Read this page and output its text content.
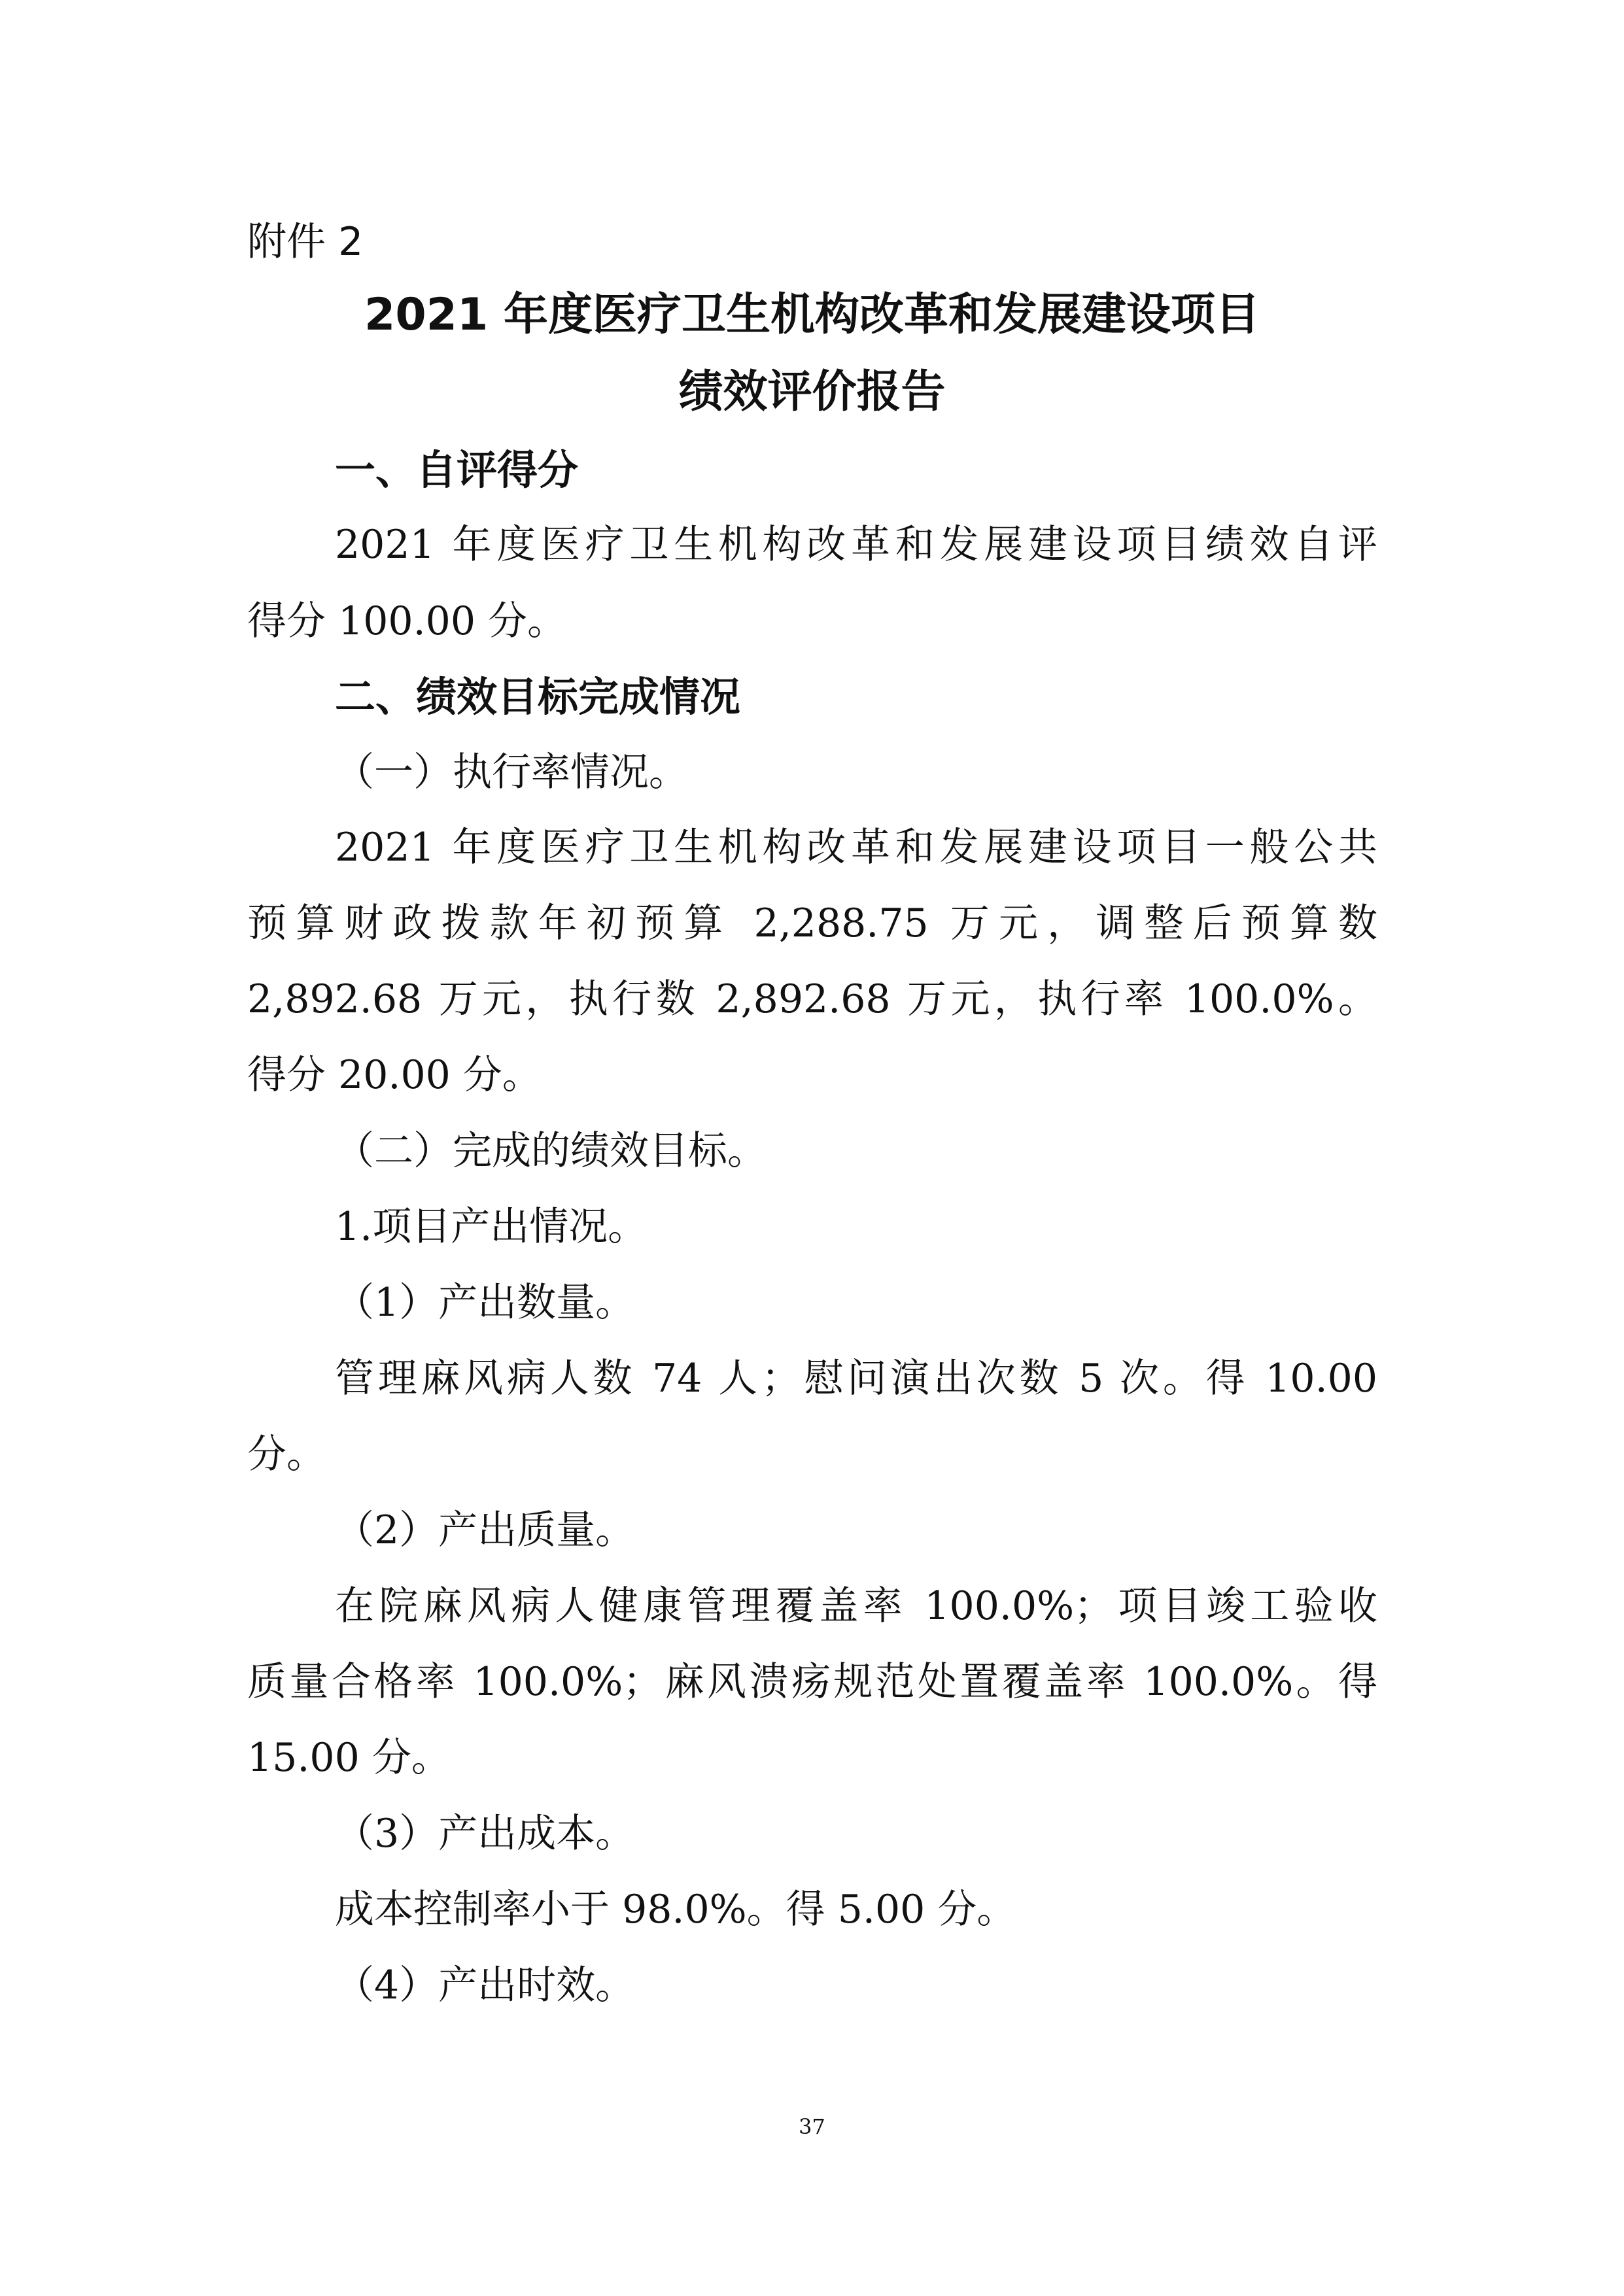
附件 2

2021 年度医疗卫生机构改革和发展建设项目

绩效评价报告

一、自评得分

2021 年度医疗卫生机构改革和发展建设项目绩效自评

得分 100.00 分。

二、绩效目标完成情况

（一）执行率情况。

2021 年度医疗卫生机构改革和发展建设项目一般公共

预算财政拨款年初预算 2,288.75 万元，调整后预算数

2,892.68 万元，执行数 2,892.68 万元，执行率 100.0%。

得分 20.00 分。

（二）完成的绩效目标。

1.项目产出情况。

（1）产出数量。

管理麻风病人数 74 人；慰问演出次数 5 次。得 10.00

分。

（2）产出质量。

在院麻风病人健康管理覆盖率 100.0%；项目竣工验收

质量合格率 100.0%；麻风溃疡规范处置覆盖率 100.0%。得

15.00 分。

（3）产出成本。

成本控制率小于 98.0%。得 5.00 分。

（4）产出时效。

37
